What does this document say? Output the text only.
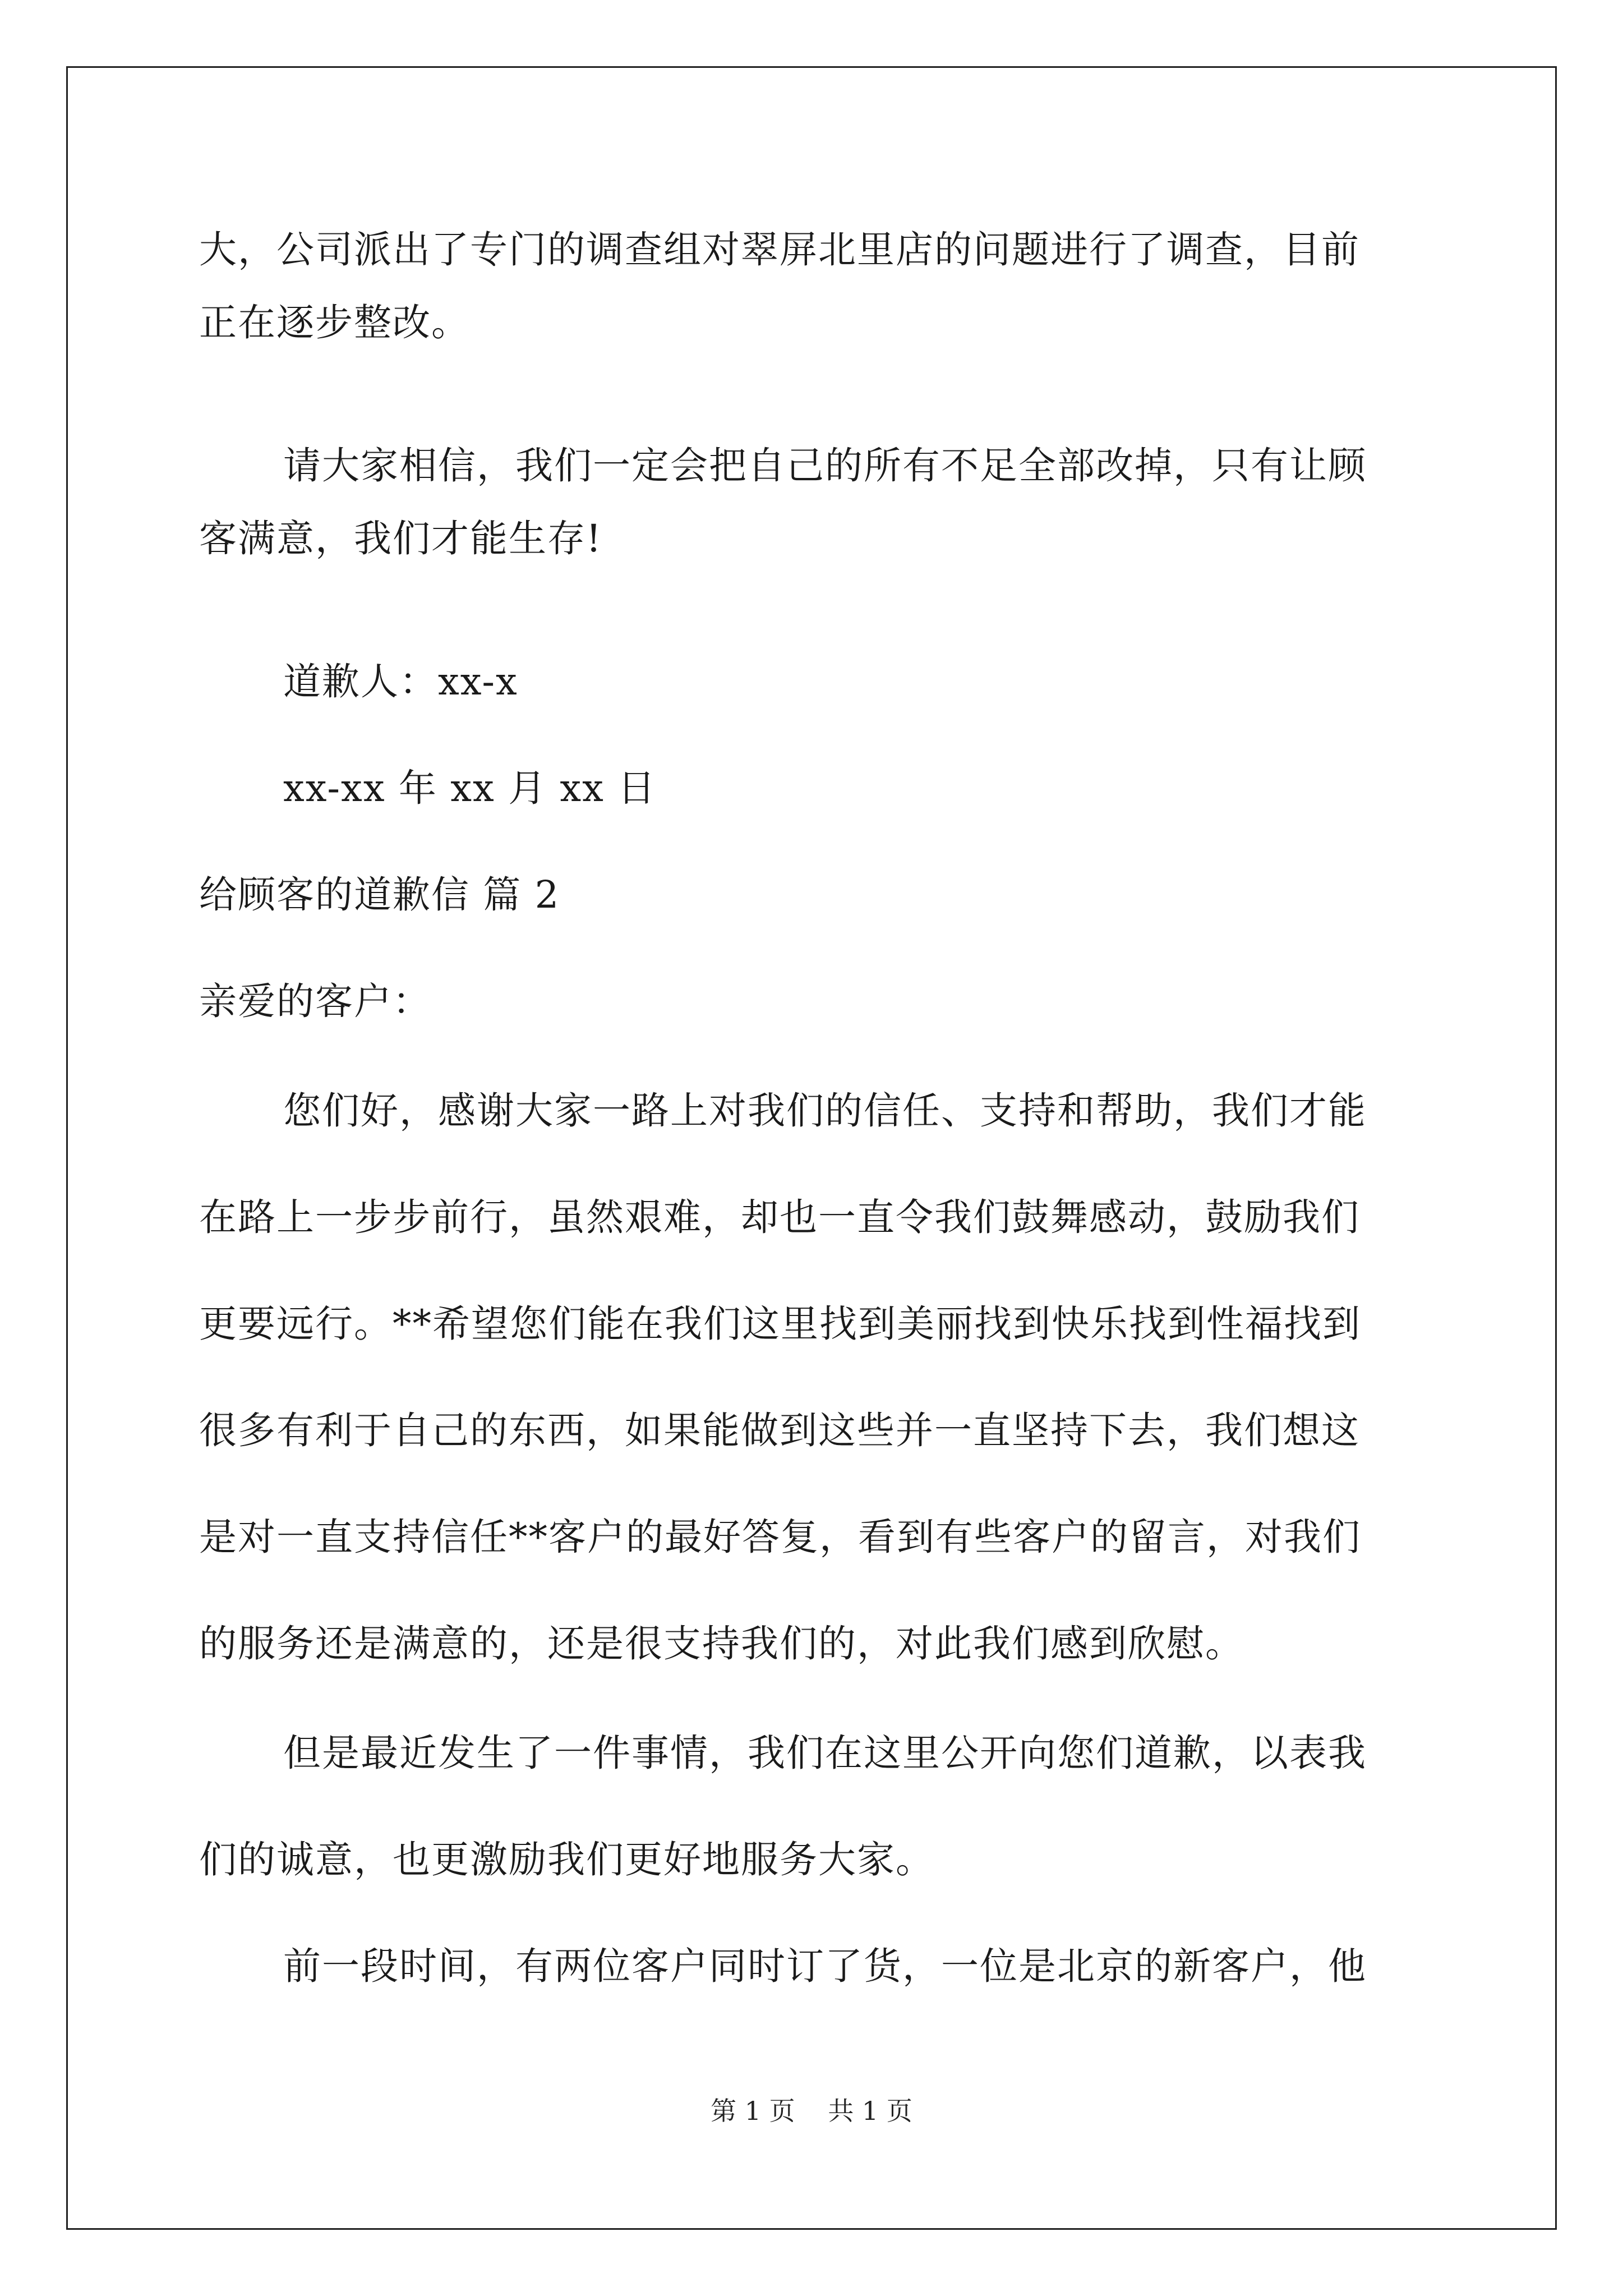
大，公司派出了专门的调查组对翠屏北里店的问题进行了调查，目前
正在逐步整改。
请大家相信，我们一定会把自己的所有不足全部改掉，只有让顾
客满意，我们才能生存!
道歉人：xx-x
xx-xx 年 xx 月 xx 日
给顾客的道歉信 篇 2
亲爱的客户：
您们好，感谢大家一路上对我们的信任、支持和帮助，我们才能
在路上一步步前行，虽然艰难，却也一直令我们鼓舞感动，鼓励我们
更要远行。**希望您们能在我们这里找到美丽找到快乐找到性福找到
很多有利于自己的东西，如果能做到这些并一直坚持下去，我们想这
是对一直支持信任**客户的最好答复，看到有些客户的留言，对我们
的服务还是满意的，还是很支持我们的，对此我们感到欣慰。
但是最近发生了一件事情，我们在这里公开向您们道歉，以表我
们的诚意，也更激励我们更好地服务大家。
前一段时间，有两位客户同时订了货，一位是北京的新客户，他
第 1 页 共 1 页
